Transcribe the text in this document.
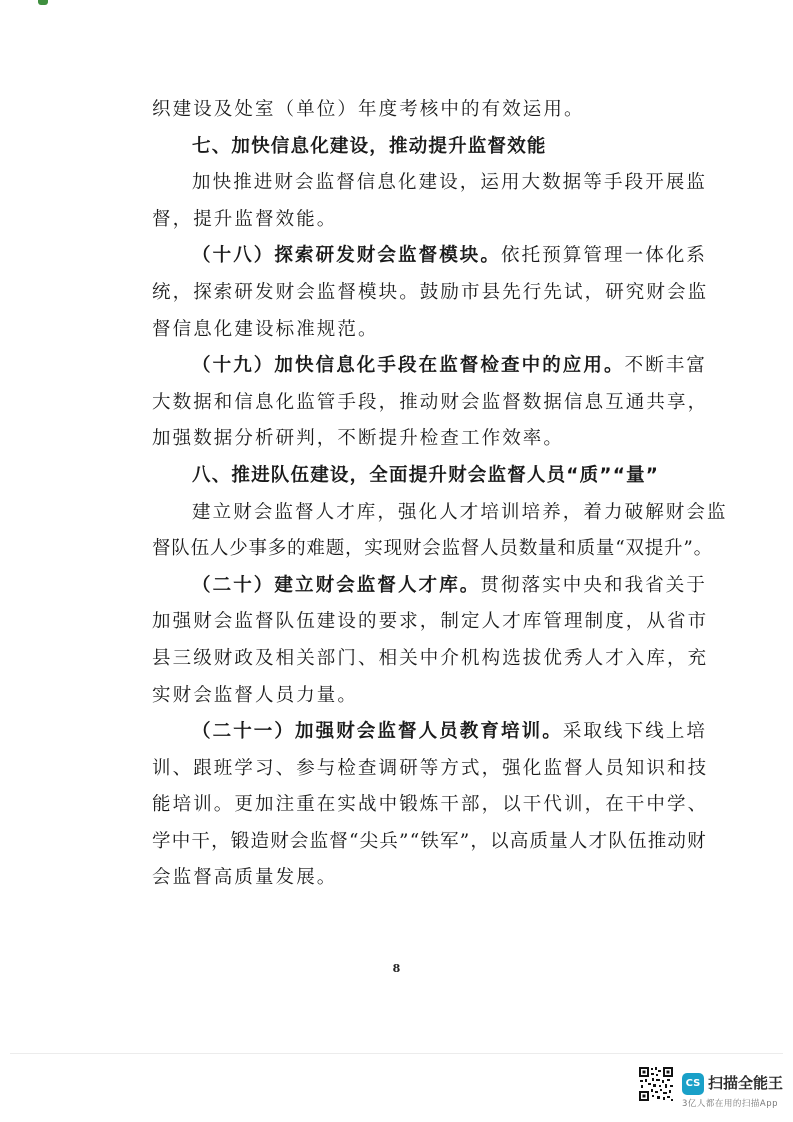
织建设及处室（单位）年度考核中的有效运用。
七、加快信息化建设，推动提升监督效能
加快推进财会监督信息化建设，运用大数据等手段开展监
督，提升监督效能。
（十八）探索研发财会监督模块。依托预算管理一体化系
统，探索研发财会监督模块。鼓励市县先行先试，研究财会监
督信息化建设标准规范。
（十九）加快信息化手段在监督检查中的应用。不断丰富
大数据和信息化监管手段，推动财会监督数据信息互通共享，
加强数据分析研判，不断提升检查工作效率。
八、推进队伍建设，全面提升财会监督人员“质”“量”
建立财会监督人才库，强化人才培训培养，着力破解财会监
督队伍人少事多的难题，实现财会监督人员数量和质量“双提升”。
（二十）建立财会监督人才库。贯彻落实中央和我省关于
加强财会监督队伍建设的要求，制定人才库管理制度，从省市
县三级财政及相关部门、相关中介机构选拔优秀人才入库，充
实财会监督人员力量。
（二十一）加强财会监督人员教育培训。采取线下线上培
训、跟班学习、参与检查调研等方式，强化监督人员知识和技
能培训。更加注重在实战中锻炼干部，以干代训，在干中学、
学中干，锻造财会监督“尖兵”“铁军”，以高质量人才队伍推动财
会监督高质量发展。
8
CS 扫描全能王
3亿人都在用的扫描App
